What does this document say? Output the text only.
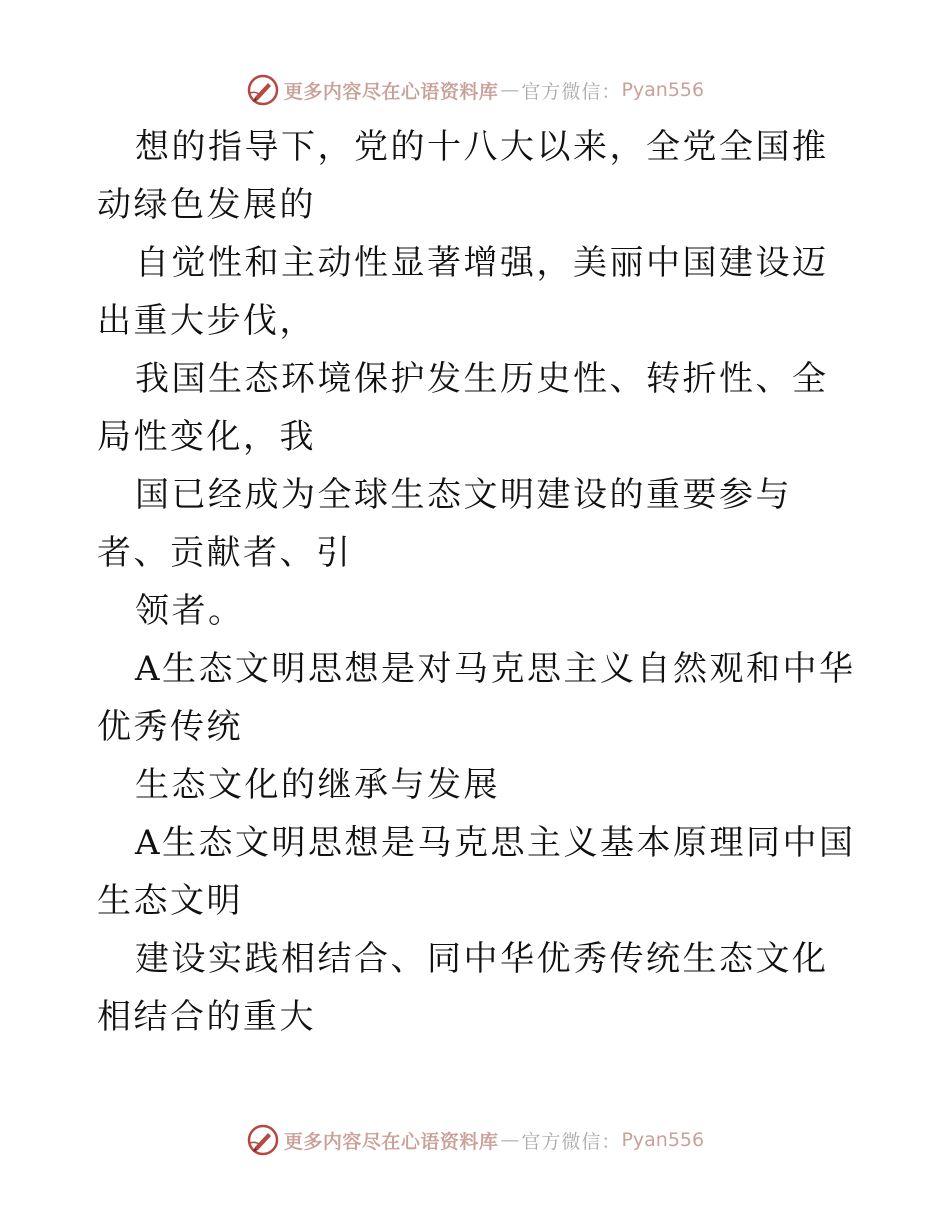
更多内容尽在心语资料库 — 官方微信： Pyan556

想的指导下，党的十八大以来，全党全国推动绿色发展的

自觉性和主动性显著增强，美丽中国建设迈出重大步伐，

我国生态环境保护发生历史性、转折性、全局性变化，我

国已经成为全球生态文明建设的重要参与者、贡献者、引

领者。

A生态文明思想是对马克思主义自然观和中华优秀传统

生态文化的继承与发展

A生态文明思想是马克思主义基本原理同中国生态文明

建设实践相结合、同中华优秀传统生态文化相结合的重大

更多内容尽在心语资料库 — 官方微信： Pyan556
